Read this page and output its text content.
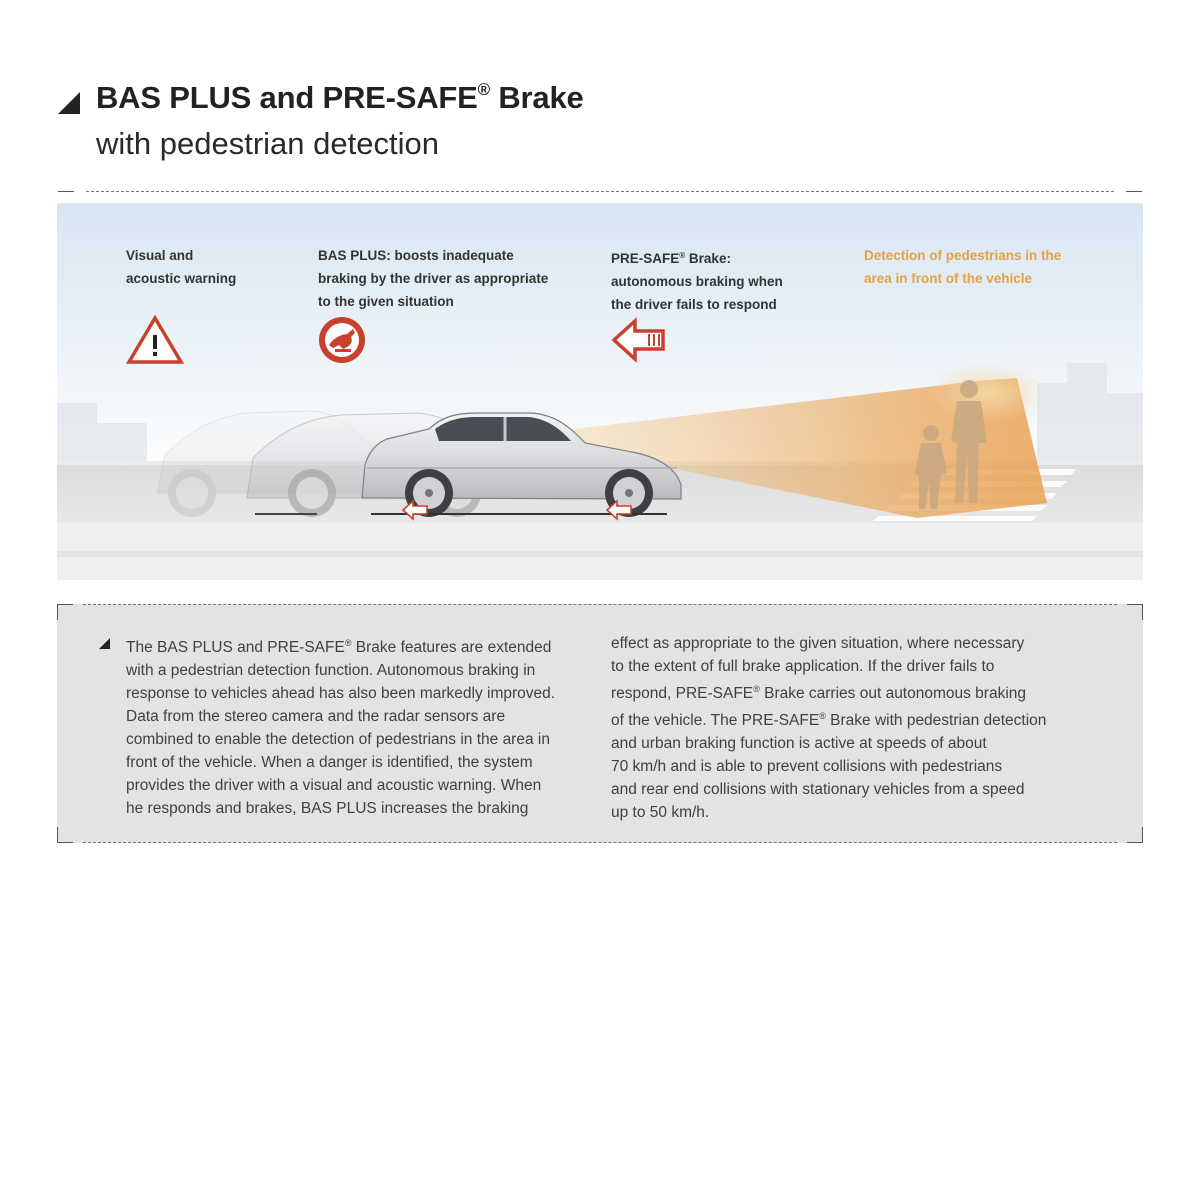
BAS PLUS and PRE-SAFE® Brake
with pedestrian detection
Visual and
acoustic warning
BAS PLUS: boosts inadequate
braking by the driver as appropriate
to the given situation
PRE-SAFE® Brake:
autonomous braking when
the driver fails to respond
Detection of pedestrians in the
area in front of the vehicle

The BAS PLUS and PRE-SAFE® Brake features are extended

with a pedestrian detection function. Autonomous braking in

response to vehicles ahead has also been markedly improved.

Data from the stereo camera and the radar sensors are

combined to enable the detection of pedestrians in the area in

front of the vehicle. When a danger is identified, the system

provides the driver with a visual and acoustic warning. When

he responds and brakes, BAS PLUS increases the braking

effect as appropriate to the given situation, where necessary

to the extent of full brake application. If the driver fails to

respond, PRE-SAFE® Brake carries out autonomous braking

of the vehicle. The PRE-SAFE® Brake with pedestrian detection

and urban braking function is active at speeds of about

70 km/h and is able to prevent collisions with pedestrians

and rear end collisions with stationary vehicles from a speed

up to 50 km/h.
